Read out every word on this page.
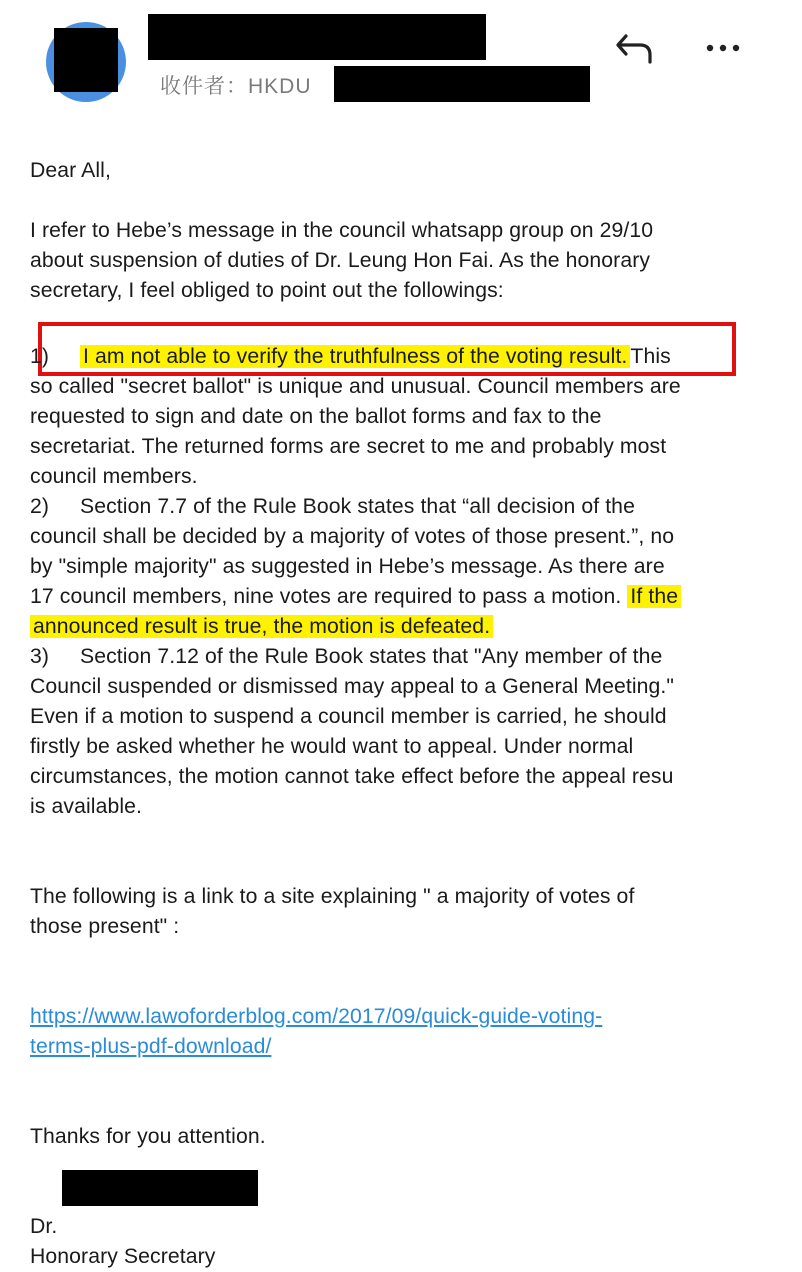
收件者：HKDU
Dear All,
I refer to Hebe’s message in the council whatsapp group on 29/10
about suspension of duties of Dr. Leung Hon Fai. As the honorary
secretary, I feel obliged to point out the followings:
1) I am not able to verify the truthfulness of the voting result. This
so called "secret ballot" is unique and unusual. Council members are
requested to sign and date on the ballot forms and fax to the
secretariat. The returned forms are secret to me and probably most
council members.
2) Section 7.7 of the Rule Book states that “all decision of the
council shall be decided by a majority of votes of those present.”, no
by "simple majority" as suggested in Hebe’s message. As there are
17 council members, nine votes are required to pass a motion. If the
announced result is true, the motion is defeated.
3) Section 7.12 of the Rule Book states that "Any member of the
Council suspended or dismissed may appeal to a General Meeting."
Even if a motion to suspend a council member is carried, he should
firstly be asked whether he would want to appeal. Under normal
circumstances, the motion cannot take effect before the appeal resu
is available.
The following is a link to a site explaining " a majority of votes of
those present" :
https://www.lawoforderblog.com/2017/09/quick-guide-voting-
terms-plus-pdf-download/
Thanks for you attention.
Dr.
Honorary Secretary
